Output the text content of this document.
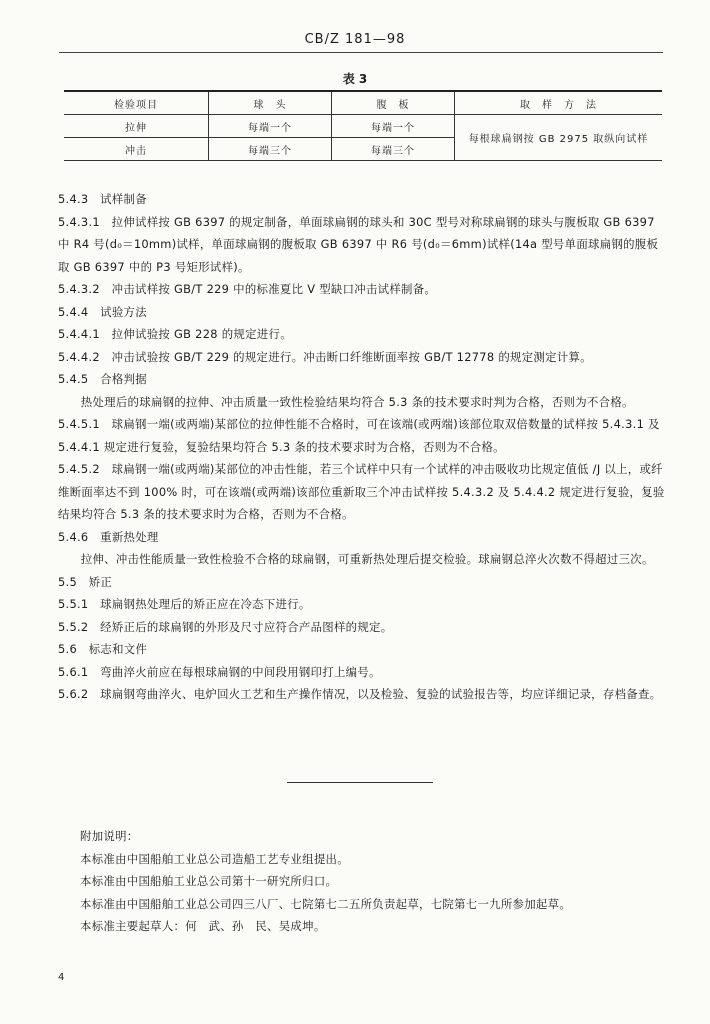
CB/Z 181—98
表 3
检验项目	球　头	腹　板	取　样　方　法
拉伸	每端一个	每端一个	每根球扁钢按 GB 2975 取纵向试样
冲击	每端三个	每端三个	

5.4.3　试样制备

5.4.3.1　拉伸试样按 GB 6397 的规定制备，单面球扁钢的球头和 30C 型号对称球扁钢的球头与腹板取 GB 6397 中 R4 号(d₀＝10mm)试样，单面球扁钢的腹板取 GB 6397 中 R6 号(d₀＝6mm)试样(14a 型号单面球扁钢的腹板取 GB 6397 中的 P3 号矩形试样)。

5.4.3.2　冲击试样按 GB/T 229 中的标准夏比 V 型缺口冲击试样制备。

5.4.4　试验方法

5.4.4.1　拉伸试验按 GB 228 的规定进行。

5.4.4.2　冲击试验按 GB/T 229 的规定进行。冲击断口纤维断面率按 GB/T 12778 的规定测定计算。

5.4.5　合格判据

热处理后的球扁钢的拉伸、冲击质量一致性检验结果均符合 5.3 条的技术要求时判为合格，否则为不合格。

5.4.5.1　球扁钢一端(或两端)某部位的拉伸性能不合格时，可在该端(或两端)该部位取双倍数量的试样按 5.4.3.1 及 5.4.4.1 规定进行复验，复验结果均符合 5.3 条的技术要求时为合格，否则为不合格。

5.4.5.2　球扁钢一端(或两端)某部位的冲击性能，若三个试样中只有一个试样的冲击吸收功比规定值低 /J 以上，或纤维断面率达不到 100% 时，可在该端(或两端)该部位重新取三个冲击试样按 5.4.3.2 及 5.4.4.2 规定进行复验，复验结果均符合 5.3 条的技术要求时为合格，否则为不合格。

5.4.6　重新热处理

拉伸、冲击性能质量一致性检验不合格的球扁钢，可重新热处理后提交检验。球扁钢总淬火次数不得超过三次。

5.5　矫正

5.5.1　球扁钢热处理后的矫正应在冷态下进行。

5.5.2　经矫正后的球扁钢的外形及尺寸应符合产品图样的规定。

5.6　标志和文件

5.6.1　弯曲淬火前应在每根球扁钢的中间段用钢印打上编号。

5.6.2　球扁钢弯曲淬火、电炉回火工艺和生产操作情况，以及检验、复验的试验报告等，均应详细记录，存档备查。

附加说明：

本标准由中国船舶工业总公司造船工艺专业组提出。

本标准由中国船舶工业总公司第十一研究所归口。

本标准由中国船舶工业总公司四三八厂、七院第七二五所负责起草，七院第七一九所参加起草。

本标准主要起草人：何　武、孙　民、吴成坤。

4
